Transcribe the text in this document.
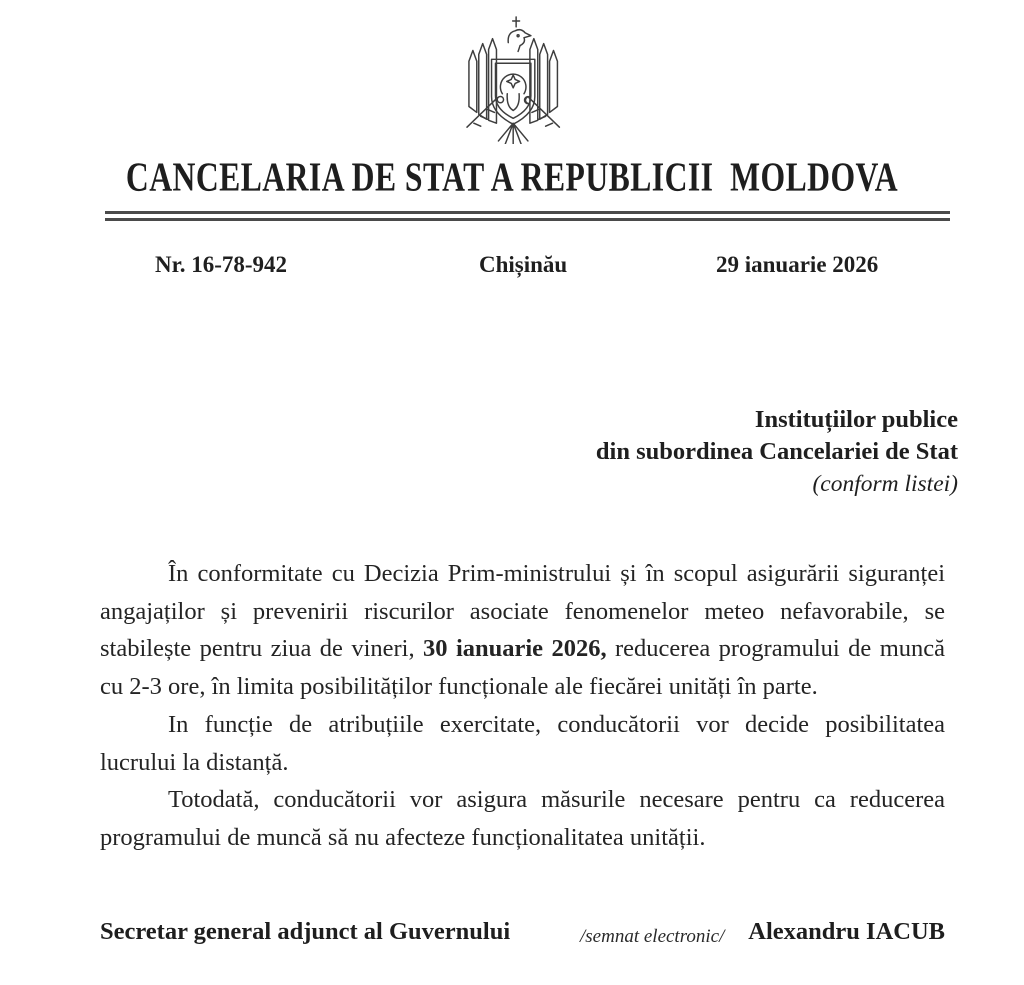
CANCELARIA DE STAT A REPUBLICII  MOLDOVA
Nr. 16-78-942	Chișinău	29 ianuarie 2026
Instituțiilor publice
din subordinea Cancelariei de Stat
(conform listei)

În conformitate cu Decizia Prim-ministrului și în scopul asigurării siguranței angajaților și prevenirii riscurilor asociate fenomenelor meteo nefavorabile, se stabilește pentru ziua de vineri, 30 ianuarie 2026, reducerea programului de muncă cu 2-3 ore, în limita posibilităților funcționale ale fiecărei unități în parte.

In funcție de atribuțiile exercitate, conducătorii vor decide posibilitatea lucrului la distanță.

Totodată, conducătorii vor asigura măsurile necesare pentru ca reducerea programului de muncă să nu afecteze funcționalitatea unității.

Secretar general adjunct al Guvernului	/semnat electronic/ Alexandru IACUB
